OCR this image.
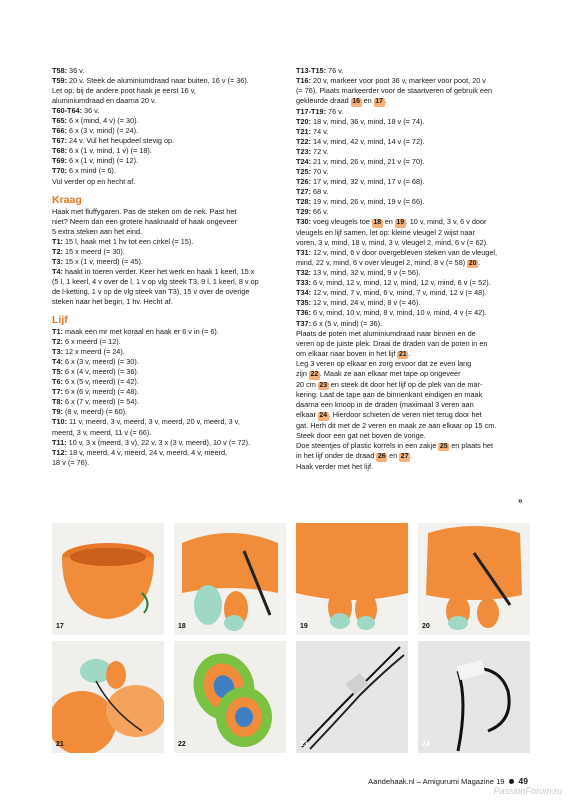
T58: 36 v.
T59: 20 v. Steek de aluminiumdraad naar buiten, 16 v (= 36).
Let op: bij de andere poot haak je eerst 16 v,
aluminiumdraad en daarna 20 v.
T60-T64: 36 v.
T65: 6 x (mind, 4 v) (= 30).
T66: 6 x (3 v, mind) (= 24).
T67: 24 v. Vul het heupdeel stevig op.
T68: 6 x (1 v, mind, 1 v) (= 18).
T69: 6 x (1 v, mind) (= 12).
T70: 6 x mind (= 6).
Vul verder op en hecht af.
Kraag
Haak met fluffygaren. Pas de steken om de nek. Past het
niet? Neem dan een grotere haaknaald of haak ongeveer
5 extra steken aan het eind.
T1: 15 l, haak met 1 hv tot een cirkel (= 15).
T2: 15 x meerd (= 30).
T3: 15 x (1 v, meerd) (= 45).
T4: haakt in toeren verder. Keer het werk en haak 1 keerl, 15 x
(5 l, 1 keerl, 4 v over de l, 1 v op vlg steek T3, 9 l, 1 keerl, 8 v op
de l-ketting, 1 v op de vlg steek van T3), 15 v over de overige
steken naar het begin, 1 hv. Hecht af.
Lijf
T1: maak een mr met koraal en haak er 6 v in (= 6).
T2: 6 x meerd (= 12).
T3: 12 x meerd (= 24).
T4: 6 x (3 v, meerd) (= 30).
T5: 6 x (4 v, meerd) (= 36).
T6: 6 x (5 v, meerd) (= 42).
T7: 6 x (6 v, meerd) (= 48).
T8: 6 x (7 v, meerd) (= 54).
T9: (8 v, meerd) (= 60).
T10: 11 v, meerd, 3 v, meerd, 3 v, meerd, 20 v, meerd, 3 v,
meerd, 3 v, meerd, 11 v (= 66).
T11: 10 v, 3 x (meerd, 3 v), 22 v, 3 x (3 v, meerd), 10 v (= 72).
T12: 18 v, meerd, 4 v, meerd, 24 v, meerd, 4 v, meerd,
18 v (= 76).
T13-T15: 76 v.
T16: 20 v, markeer voor poot 36 v, markeer voor poot, 20 v
(= 76). Plaats markeerder voor de staartveren of gebruik een
gekleurde draad 16 en 17 .
T17-T19: 76 v.
T20: 18 v, mind, 36 v, mind, 18 v (= 74).
T21: 74 v.
T22: 14 v, mind, 42 v, mind, 14 v (= 72).
T23: 72 v.
T24: 21 v, mind, 26 v, mind, 21 v (= 70).
T25: 70 v.
T26: 17 v, mind, 32 v, mind, 17 v (= 68).
T27: 68 v.
T28: 19 v, mind, 26 v, mind, 19 v (= 66).
T29: 66 v.
T30: voeg vleugels toe 18 en 19 . 10 v, mind, 3 v, 6 v door
vleugels en lijf samen, let op: kleine vleugel 2 wijst naar
voren, 3 v, mind, 18 v, mind, 3 v, vleugel 2, mind, 6 v (= 62).
T31: 12 v, mind, 6 v door overgebleven steken van de vleugel,
mind, 22 v, mind, 6 v over vleugel 2, mind, 8 v (= 58) 20 .
T32: 13 v, mind, 32 v, mind, 9 v (= 56).
T33: 6 v, mind, 12 v, mind, 12 v, mind, 12 v, mind, 6 v (= 52).
T34: 12 v, mind, 7 v, mind, 6 v, mind, 7 v, mind, 12 v (= 48).
T35: 12 v, mind, 24 v, mind, 8 v (= 46).
T36: 6 v, mind, 10 v, mind, 8 v, mind, 10 v, mind, 4 v (= 42).
T37: 6 x (5 v, mind) (= 36).
Plaats de poten met aluminiumdraad naar binnen en de
veren op de juiste plek. Draai de draden van de poten in en
om elkaar naar boven in het lijf 21 .
Leg 3 veren op elkaar en zorg ervoor dat ze even lang
zijn 22 . Maak ze aan elkaar met tape op ongeveer
20 cm 23 en steek dit door het lijf op de plek van de mar-
kering. Laat de tape aan de binnenkant eindigen en maak
daarna een knoop in de draden (maximaal 3 veren aan
elkaar 24 . Hierdoor schieten de veren niet terug door het
gat. Herh dit met de 2 veren en maak ze aan elkaar op 15 cm.
Steek door een gat net boven de vorige.
Doe steentjes of plastic korrels in een zakje 25 en plaats het
in het lijf onder de draad 26 en 27 .
Haak verder met het lijf.
»
17	18	19	20
21	22	23	24
Aandehaak.nl – Amigurumi Magazine 19 49
PassionForum.ru
